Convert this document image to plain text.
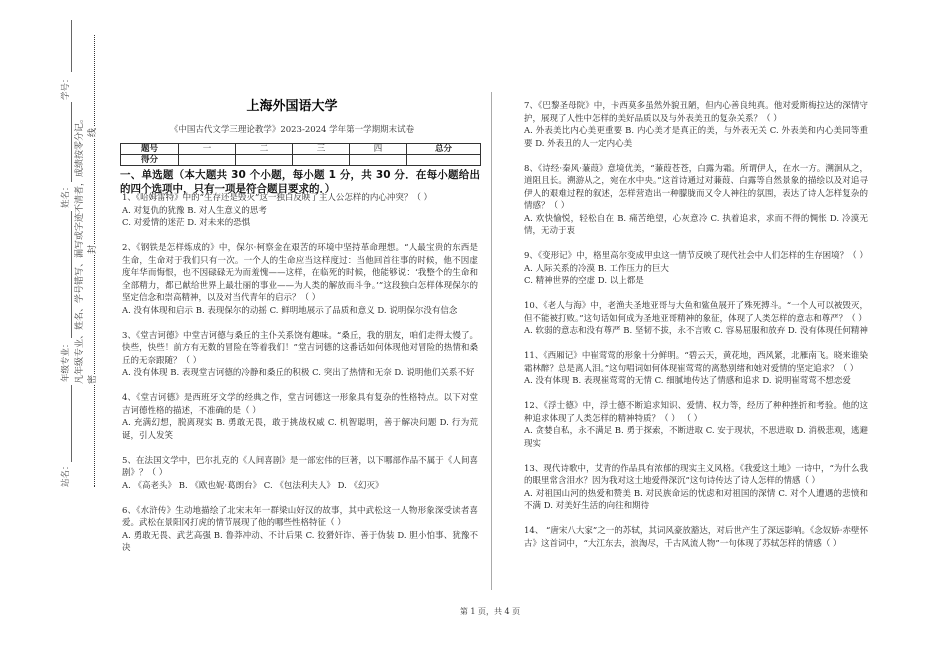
站名：
年级专业：
姓名：
学号：
凡年级专业、姓名、学号错写、漏写或字迹不清者，成绩按零分记。 密
封
线
上海外国语大学
《中国古代文学三理论教学》2023-2024 学年第一学期期末试卷
题号	一	二	三	四	总分
得分					
一、单选题（本大题共 30 个小题，每小题 1 分，共 30 分．在每小题给出的四个选项中，只有一项是符合题目要求的．）

1、《哈姆雷特》中的“生存还是毁灭”这一独白反映了主人公怎样的内心冲突？（ ）

A. 对复仇的犹豫 B. 对人生意义的思考

C. 对爱情的迷茫 D. 对未来的恐惧

2、《钢铁是怎样炼成的》中，保尔·柯察金在艰苦的环境中坚持革命理想。“人最宝贵的东西是生命，生命对于我们只有一次。一个人的生命应当这样度过：当他回首往事的时候，他不因虚度年华而悔恨，也不因碌碌无为而羞愧——这样，在临死的时候，他能够说：‘我整个的生命和全部精力，都已献给世界上最壮丽的事业——为人类的解放而斗争。’”这段独白怎样体现保尔的坚定信念和崇高精神，以及对当代青年的启示？（ ）

A. 没有体现和启示 B. 表现保尔的动摇 C. 鲜明地展示了品质和意义 D. 说明保尔没有信念

3、《堂吉诃德》中堂吉诃德与桑丘的主仆关系饶有趣味。“桑丘，我的朋友，咱们走得太慢了。快些，快些！前方有无数的冒险在等着我们！”堂吉诃德的这番话如何体现他对冒险的热情和桑丘的无奈跟随？（ ）

A. 没有体现 B. 表现堂吉诃德的冷静和桑丘的积极 C. 突出了热情和无奈 D. 说明他们关系不好

4、《堂吉诃德》是西班牙文学的经典之作，堂吉诃德这一形象具有复杂的性格特点。以下对堂吉诃德性格的描述，不准确的是（ ）

A. 充满幻想，脱离现实 B. 勇敢无畏，敢于挑战权威 C. 机智聪明，善于解决问题 D. 行为荒诞，引人发笑

5、在法国文学中，巴尔扎克的《人间喜剧》是一部宏伟的巨著，以下哪部作品不属于《人间喜剧》？（ ）

A. 《高老头》 B. 《欧也妮·葛朗台》 C. 《包法利夫人》 D. 《幻灭》

6、《水浒传》生动地描绘了北宋末年一群梁山好汉的故事，其中武松这一人物形象深受读者喜爱。武松在景阳冈打虎的情节展现了他的哪些性格特征（ ）

A. 勇敢无畏、武艺高强 B. 鲁莽冲动、不计后果 C. 狡猾奸诈、善于伪装 D. 胆小怕事、犹豫不决

7、《巴黎圣母院》中，卡西莫多虽然外貌丑陋，但内心善良纯真。他对爱斯梅拉达的深情守护，展现了人性中怎样的美好品质以及与外表美丑的复杂关系？（ ）

A. 外表美比内心美更重要 B. 内心美才是真正的美，与外表无关 C. 外表美和内心美同等重要 D. 外表丑的人一定内心美

8、《诗经·秦风·蒹葭》意境优美，“蒹葭苍苍，白露为霜。所谓伊人，在水一方。溯洄从之，道阻且长。溯游从之，宛在水中央。”这首诗通过对蒹葭、白露等自然景象的描绘以及对追寻伊人的艰难过程的叙述，怎样营造出一种朦胧而又令人神往的氛围，表达了诗人怎样复杂的情感？（ ）

A. 欢快愉悦，轻松自在 B. 痛苦绝望，心灰意冷 C. 执着追求，求而不得的惆怅 D. 冷漠无情，无动于衷

9、《变形记》中，格里高尔变成甲虫这一情节反映了现代社会中人们怎样的生存困境？（ ）

A. 人际关系的冷漠 B. 工作压力的巨大

C. 精神世界的空虚 D. 以上都是

10、《老人与海》中，老渔夫圣地亚哥与大鱼和鲨鱼展开了殊死搏斗。“一个人可以被毁灭，但不能被打败。”这句话如何成为圣地亚哥精神的象征，体现了人类怎样的意志和尊严？（ ）

A. 软弱的意志和没有尊严 B. 坚韧不拔，永不言败 C. 容易屈服和放弃 D. 没有体现任何精神

11、《西厢记》中崔莺莺的形象十分鲜明。“碧云天，黄花地，西风紧，北雁南飞。晓来谁染霜林醉？总是离人泪。”这句唱词如何体现崔莺莺的离愁别绪和她对爱情的坚定追求？（ ）

A. 没有体现 B. 表现崔莺莺的无情 C. 细腻地传达了情感和追求 D. 说明崔莺莺不想恋爱

12、《浮士德》中，浮士德不断追求知识、爱情、权力等，经历了种种挫折和考验。他的这种追求体现了人类怎样的精神特质？（ ） （ ）

A. 贪婪自私，永不满足 B. 勇于探索，不断进取 C. 安于现状，不思进取 D. 消极悲观，逃避现实

13、现代诗歌中，艾青的作品具有浓郁的现实主义风格。《我爱这土地》一诗中，“为什么我的眼里常含泪水？因为我对这土地爱得深沉”这句诗传达了诗人怎样的情感（ ）

A. 对祖国山河的热爱和赞美 B. 对民族命运的忧虑和对祖国的深情 C. 对个人遭遇的悲愤和不满 D. 对美好生活的向往和期待

14、 “唐宋八大家”之一的苏轼，其词风豪放豁达，对后世产生了深远影响。《念奴娇·赤壁怀古》这首词中，“大江东去，浪淘尽，千古风流人物”一句体现了苏轼怎样的情感（ ）

第 1 页，共 4 页
